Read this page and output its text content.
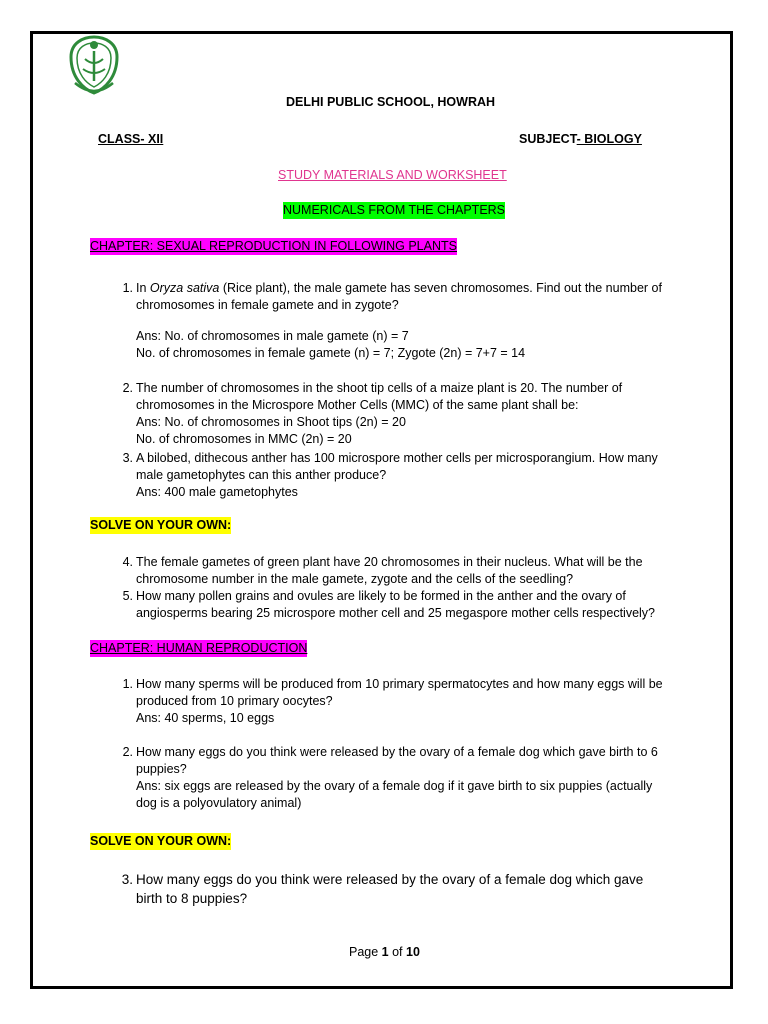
DELHI PUBLIC SCHOOL, HOWRAH
CLASS- XII	SUBJECT- BIOLOGY
STUDY MATERIALS AND WORKSHEET
NUMERICALS FROM THE CHAPTERS
CHAPTER: SEXUAL REPRODUCTION IN FOLLOWING PLANTS
1. In Oryza sativa (Rice plant), the male gamete has seven chromosomes. Find out the number of chromosomes in female gamete and in zygote?
Ans: No. of chromosomes in male gamete (n) = 7
No. of chromosomes in female gamete (n) = 7; Zygote (2n) = 7+7 = 14
2. The number of chromosomes in the shoot tip cells of a maize plant is 20. The number of chromosomes in the Microspore Mother Cells (MMC) of the same plant shall be:
Ans: No. of chromosomes in Shoot tips (2n) = 20
No. of chromosomes in MMC (2n) = 20
3. A bilobed, dithecous anther has 100 microspore mother cells per microsporangium. How many male gametophytes can this anther produce?
Ans: 400 male gametophytes
SOLVE ON YOUR OWN:
4. The female gametes of green plant have 20 chromosomes in their nucleus. What will be the chromosome number in the male gamete, zygote and the cells of the seedling?
5. How many pollen grains and ovules are likely to be formed in the anther and the ovary of angiosperms bearing 25 microspore mother cell and 25 megaspore mother cells respectively?
CHAPTER: HUMAN REPRODUCTION
1. How many sperms will be produced from 10 primary spermatocytes and how many eggs will be produced from 10 primary oocytes?
Ans: 40 sperms, 10 eggs
2. How many eggs do you think were released by the ovary of a female dog which gave birth to 6 puppies?
Ans: six eggs are released by the ovary of a female dog if it gave birth to six puppies (actually dog is a polyovulatory animal)
SOLVE ON YOUR OWN:
3. How many eggs do you think were released by the ovary of a female dog which gave birth to 8 puppies?
Page 1 of 10
